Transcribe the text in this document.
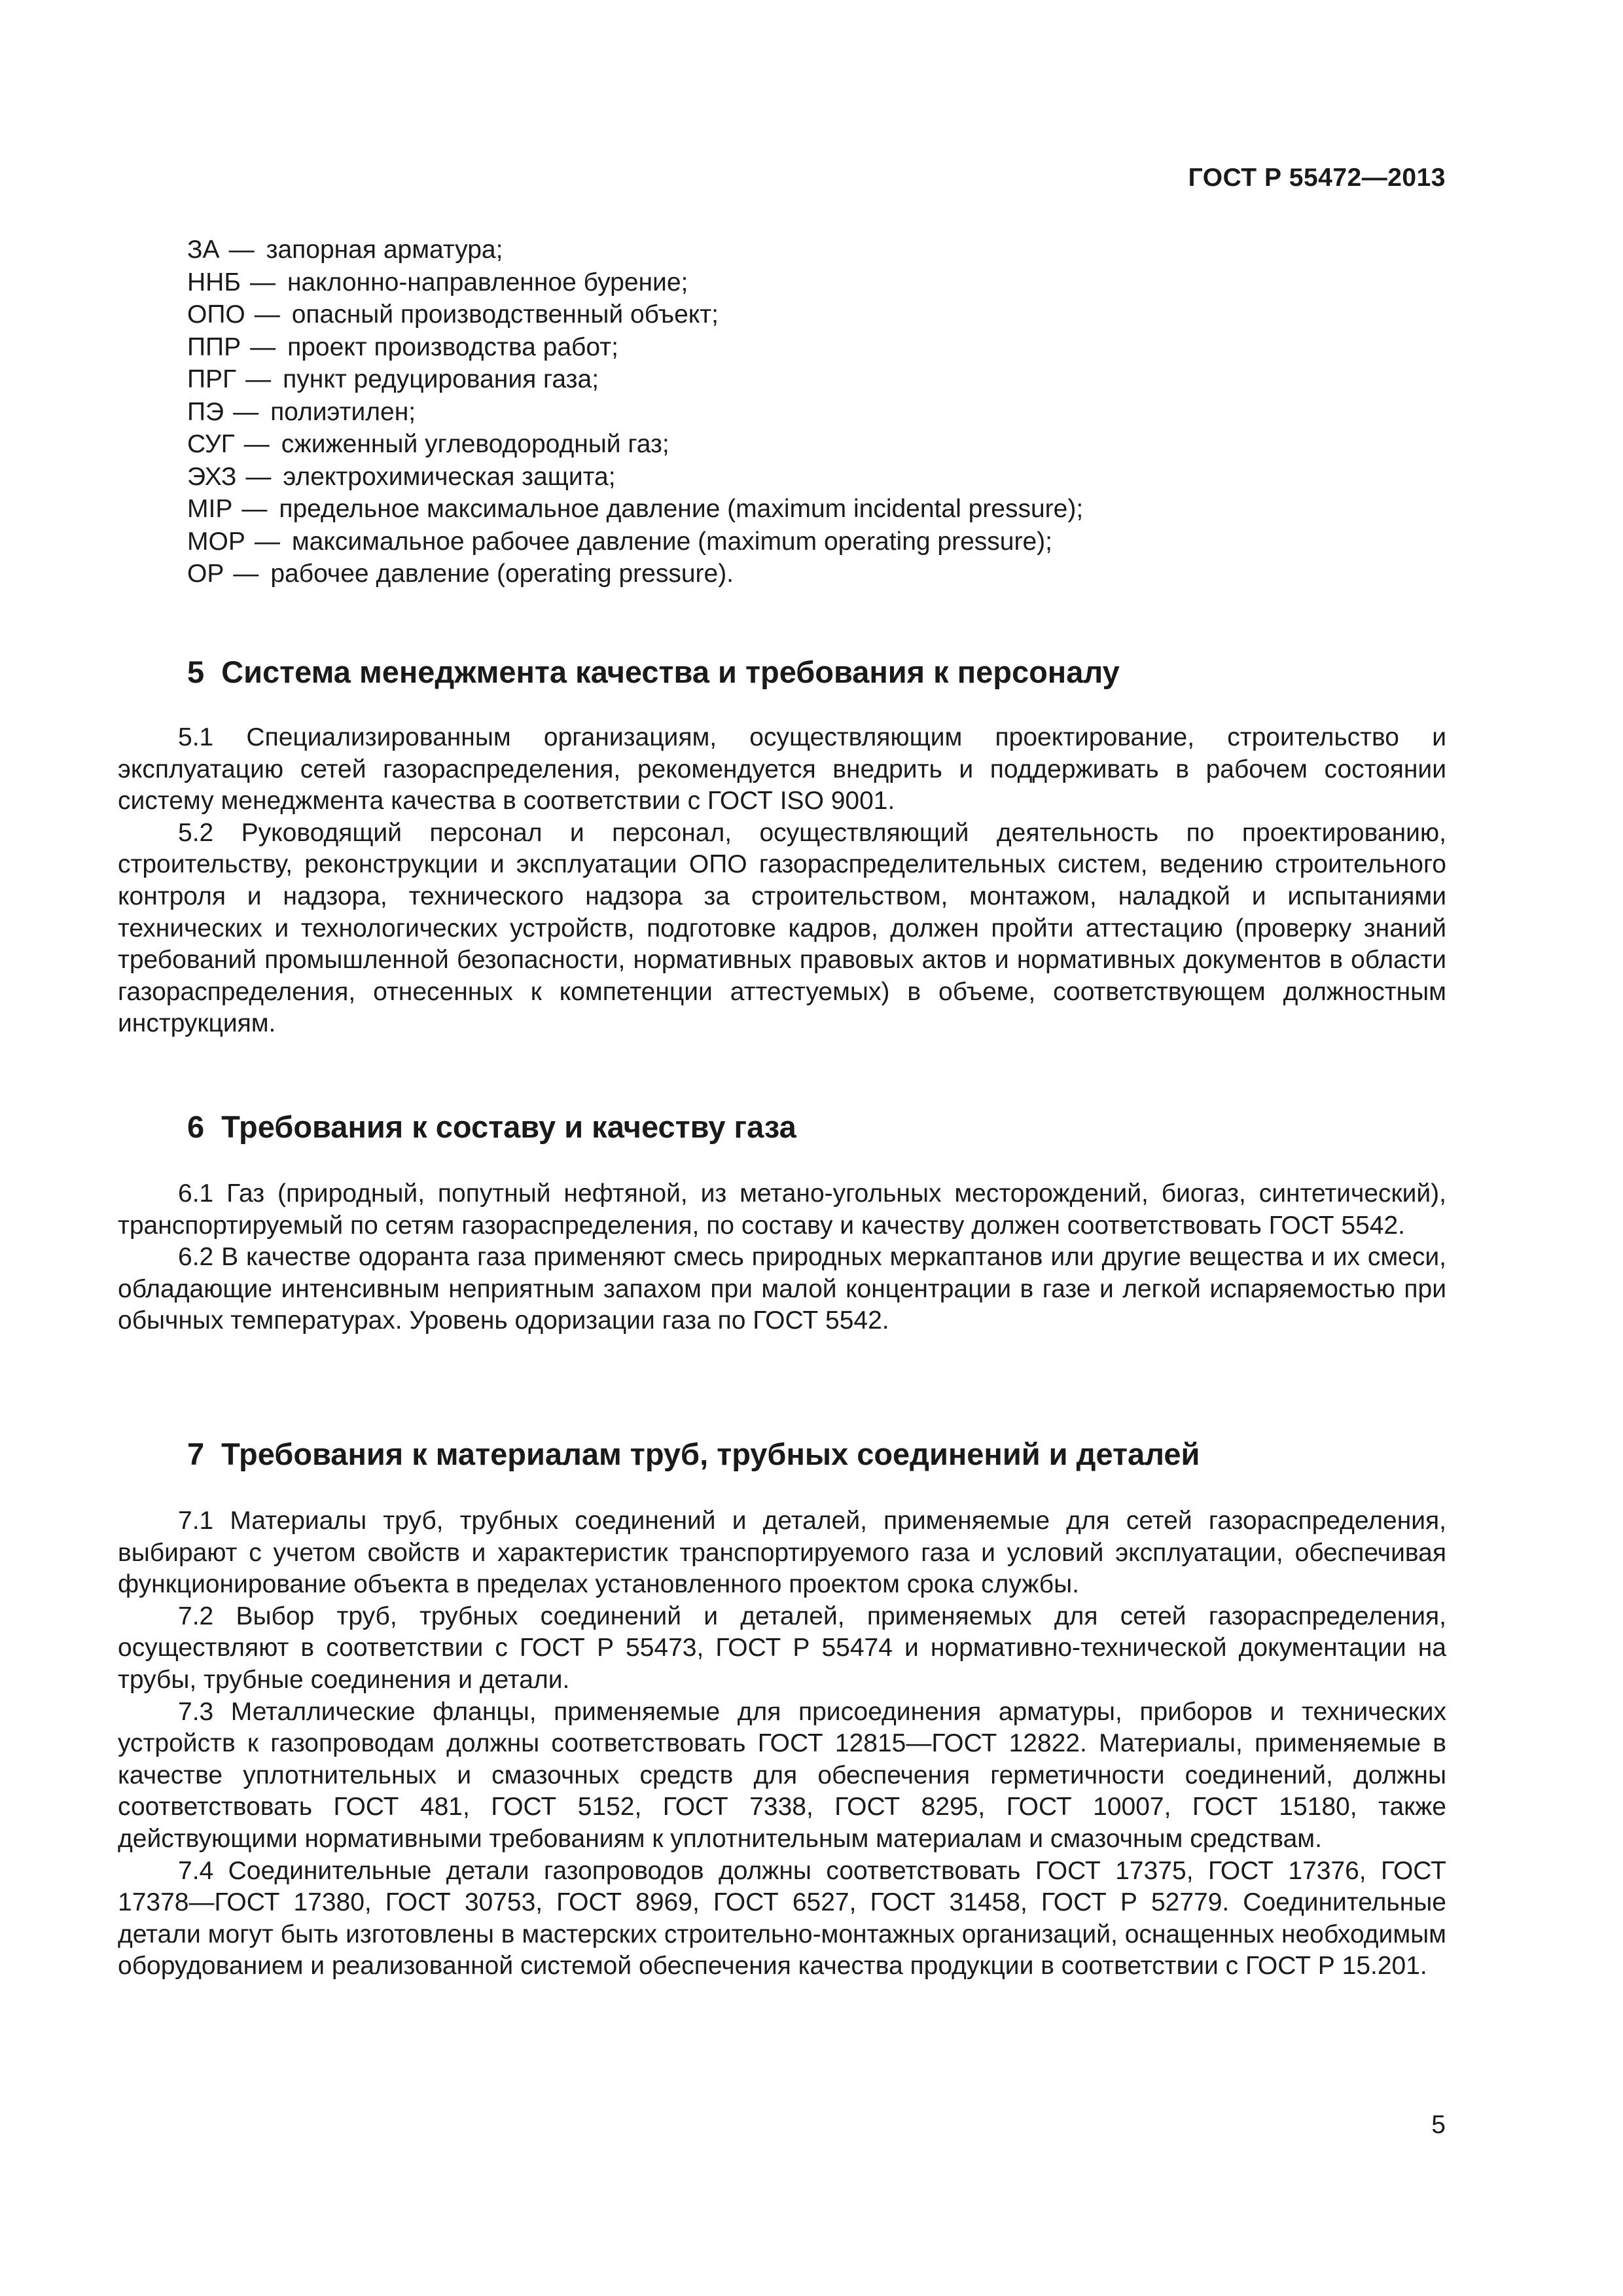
ГОСТ Р 55472—2013
ЗА — запорная арматура;
ННБ — наклонно-направленное бурение;
ОПО — опасный производственный объект;
ППР — проект производства работ;
ПРГ — пункт редуцирования газа;
ПЭ — полиэтилен;
СУГ — сжиженный углеводородный газ;
ЭХЗ — электрохимическая защита;
MIP — предельное максимальное давление (maximum incidental pressure);
MOP — максимальное рабочее давление (maximum operating pressure);
OP — рабочее давление (operating pressure).
5 Система менеджмента качества и требования к персоналу

5.1 Специализированным организациям, осуществляющим проектирование, строительство и эксплуатацию сетей газораспределения, рекомендуется внедрить и поддерживать в рабочем состоянии систему менеджмента качества в соответствии с ГОСТ ISO 9001.

5.2 Руководящий персонал и персонал, осуществляющий деятельность по проектированию, строительству, реконструкции и эксплуатации ОПО газораспределительных систем, ведению строительного контроля и надзора, технического надзора за строительством, монтажом, наладкой и испытаниями технических и технологических устройств, подготовке кадров, должен пройти аттестацию (проверку знаний требований промышленной безопасности, нормативных правовых актов и нормативных документов в области газораспределения, отнесенных к компетенции аттестуемых) в объеме, соответствующем должностным инструкциям.

6 Требования к составу и качеству газа

6.1 Газ (природный, попутный нефтяной, из метано-угольных месторождений, биогаз, синтетический), транспортируемый по сетям газораспределения, по составу и качеству должен соответствовать ГОСТ 5542.

6.2 В качестве одоранта газа применяют смесь природных меркаптанов или другие вещества и их смеси, обладающие интенсивным неприятным запахом при малой концентрации в газе и легкой испаряемостью при обычных температурах. Уровень одоризации газа по ГОСТ 5542.

7 Требования к материалам труб, трубных соединений и деталей

7.1 Материалы труб, трубных соединений и деталей, применяемые для сетей газораспределения, выбирают с учетом свойств и характеристик транспортируемого газа и условий эксплуатации, обеспечивая функционирование объекта в пределах установленного проектом срока службы.

7.2 Выбор труб, трубных соединений и деталей, применяемых для сетей газораспределения, осуществляют в соответствии с ГОСТ Р 55473, ГОСТ Р 55474 и нормативно-технической документации на трубы, трубные соединения и детали.

7.3 Металлические фланцы, применяемые для присоединения арматуры, приборов и технических устройств к газопроводам должны соответствовать ГОСТ 12815—ГОСТ 12822. Материалы, применяемые в качестве уплотнительных и смазочных средств для обеспечения герметичности соединений, должны соответствовать ГОСТ 481, ГОСТ 5152, ГОСТ 7338, ГОСТ 8295, ГОСТ 10007, ГОСТ 15180, также действующими нормативными требованиям к уплотнительным материалам и смазочным средствам.

7.4 Соединительные детали газопроводов должны соответствовать ГОСТ 17375, ГОСТ 17376, ГОСТ 17378—ГОСТ 17380, ГОСТ 30753, ГОСТ 8969, ГОСТ 6527, ГОСТ 31458, ГОСТ Р 52779. Соединительные детали могут быть изготовлены в мастерских строительно-монтажных организаций, оснащенных необходимым оборудованием и реализованной системой обеспечения качества продукции в соответствии с ГОСТ Р 15.201.

5
